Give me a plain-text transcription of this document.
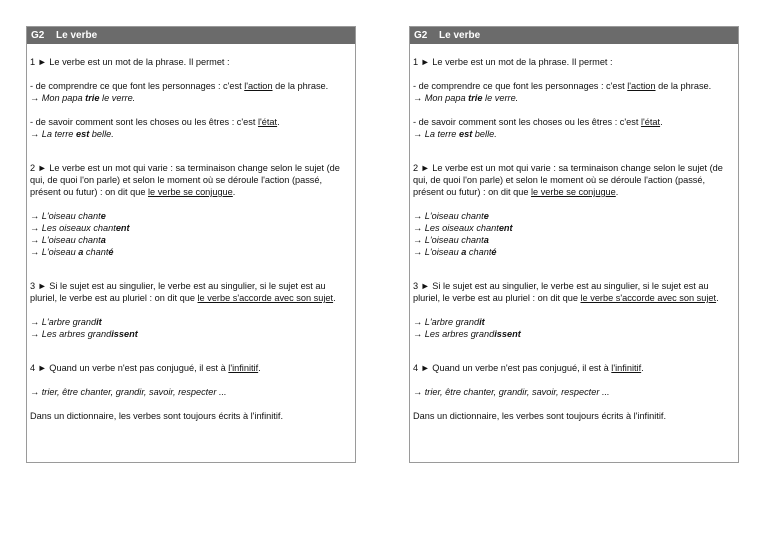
G2 Le verbe

1 ► Le verbe est un mot de la phrase. Il permet :

- de comprendre ce que font les personnages : c'est l'action de la phrase.

→ Mon papa trie le verre.

- de savoir comment sont les choses ou les êtres : c'est l'état.

→ La terre est belle.

2 ► Le verbe est un mot qui varie : sa terminaison change selon le sujet (de qui, de quoi l'on parle) et selon le moment où se déroule l'action (passé, présent ou futur) : on dit que le verbe se conjugue.

→ L'oiseau chante

→ Les oiseaux chantent

→ L'oiseau chanta

→ L'oiseau a chanté

3 ► Si le sujet est au singulier, le verbe est au singulier, si le sujet est au pluriel, le verbe est au pluriel : on dit que le verbe s'accorde avec son sujet.

→ L'arbre grandit

→ Les arbres grandissent

4 ► Quand un verbe n'est pas conjugué, il est à l'infinitif.

→ trier, être chanter, grandir, savoir, respecter ...

Dans un dictionnaire, les verbes sont toujours écrits à l'infinitif.

G2 Le verbe

1 ► Le verbe est un mot de la phrase. Il permet :

- de comprendre ce que font les personnages : c'est l'action de la phrase.

→ Mon papa trie le verre.

- de savoir comment sont les choses ou les êtres : c'est l'état.

→ La terre est belle.

2 ► Le verbe est un mot qui varie : sa terminaison change selon le sujet (de qui, de quoi l'on parle) et selon le moment où se déroule l'action (passé, présent ou futur) : on dit que le verbe se conjugue.

→ L'oiseau chante

→ Les oiseaux chantent

→ L'oiseau chanta

→ L'oiseau a chanté

3 ► Si le sujet est au singulier, le verbe est au singulier, si le sujet est au pluriel, le verbe est au pluriel : on dit que le verbe s'accorde avec son sujet.

→ L'arbre grandit

→ Les arbres grandissent

4 ► Quand un verbe n'est pas conjugué, il est à l'infinitif.

→ trier, être chanter, grandir, savoir, respecter ...

Dans un dictionnaire, les verbes sont toujours écrits à l'infinitif.
